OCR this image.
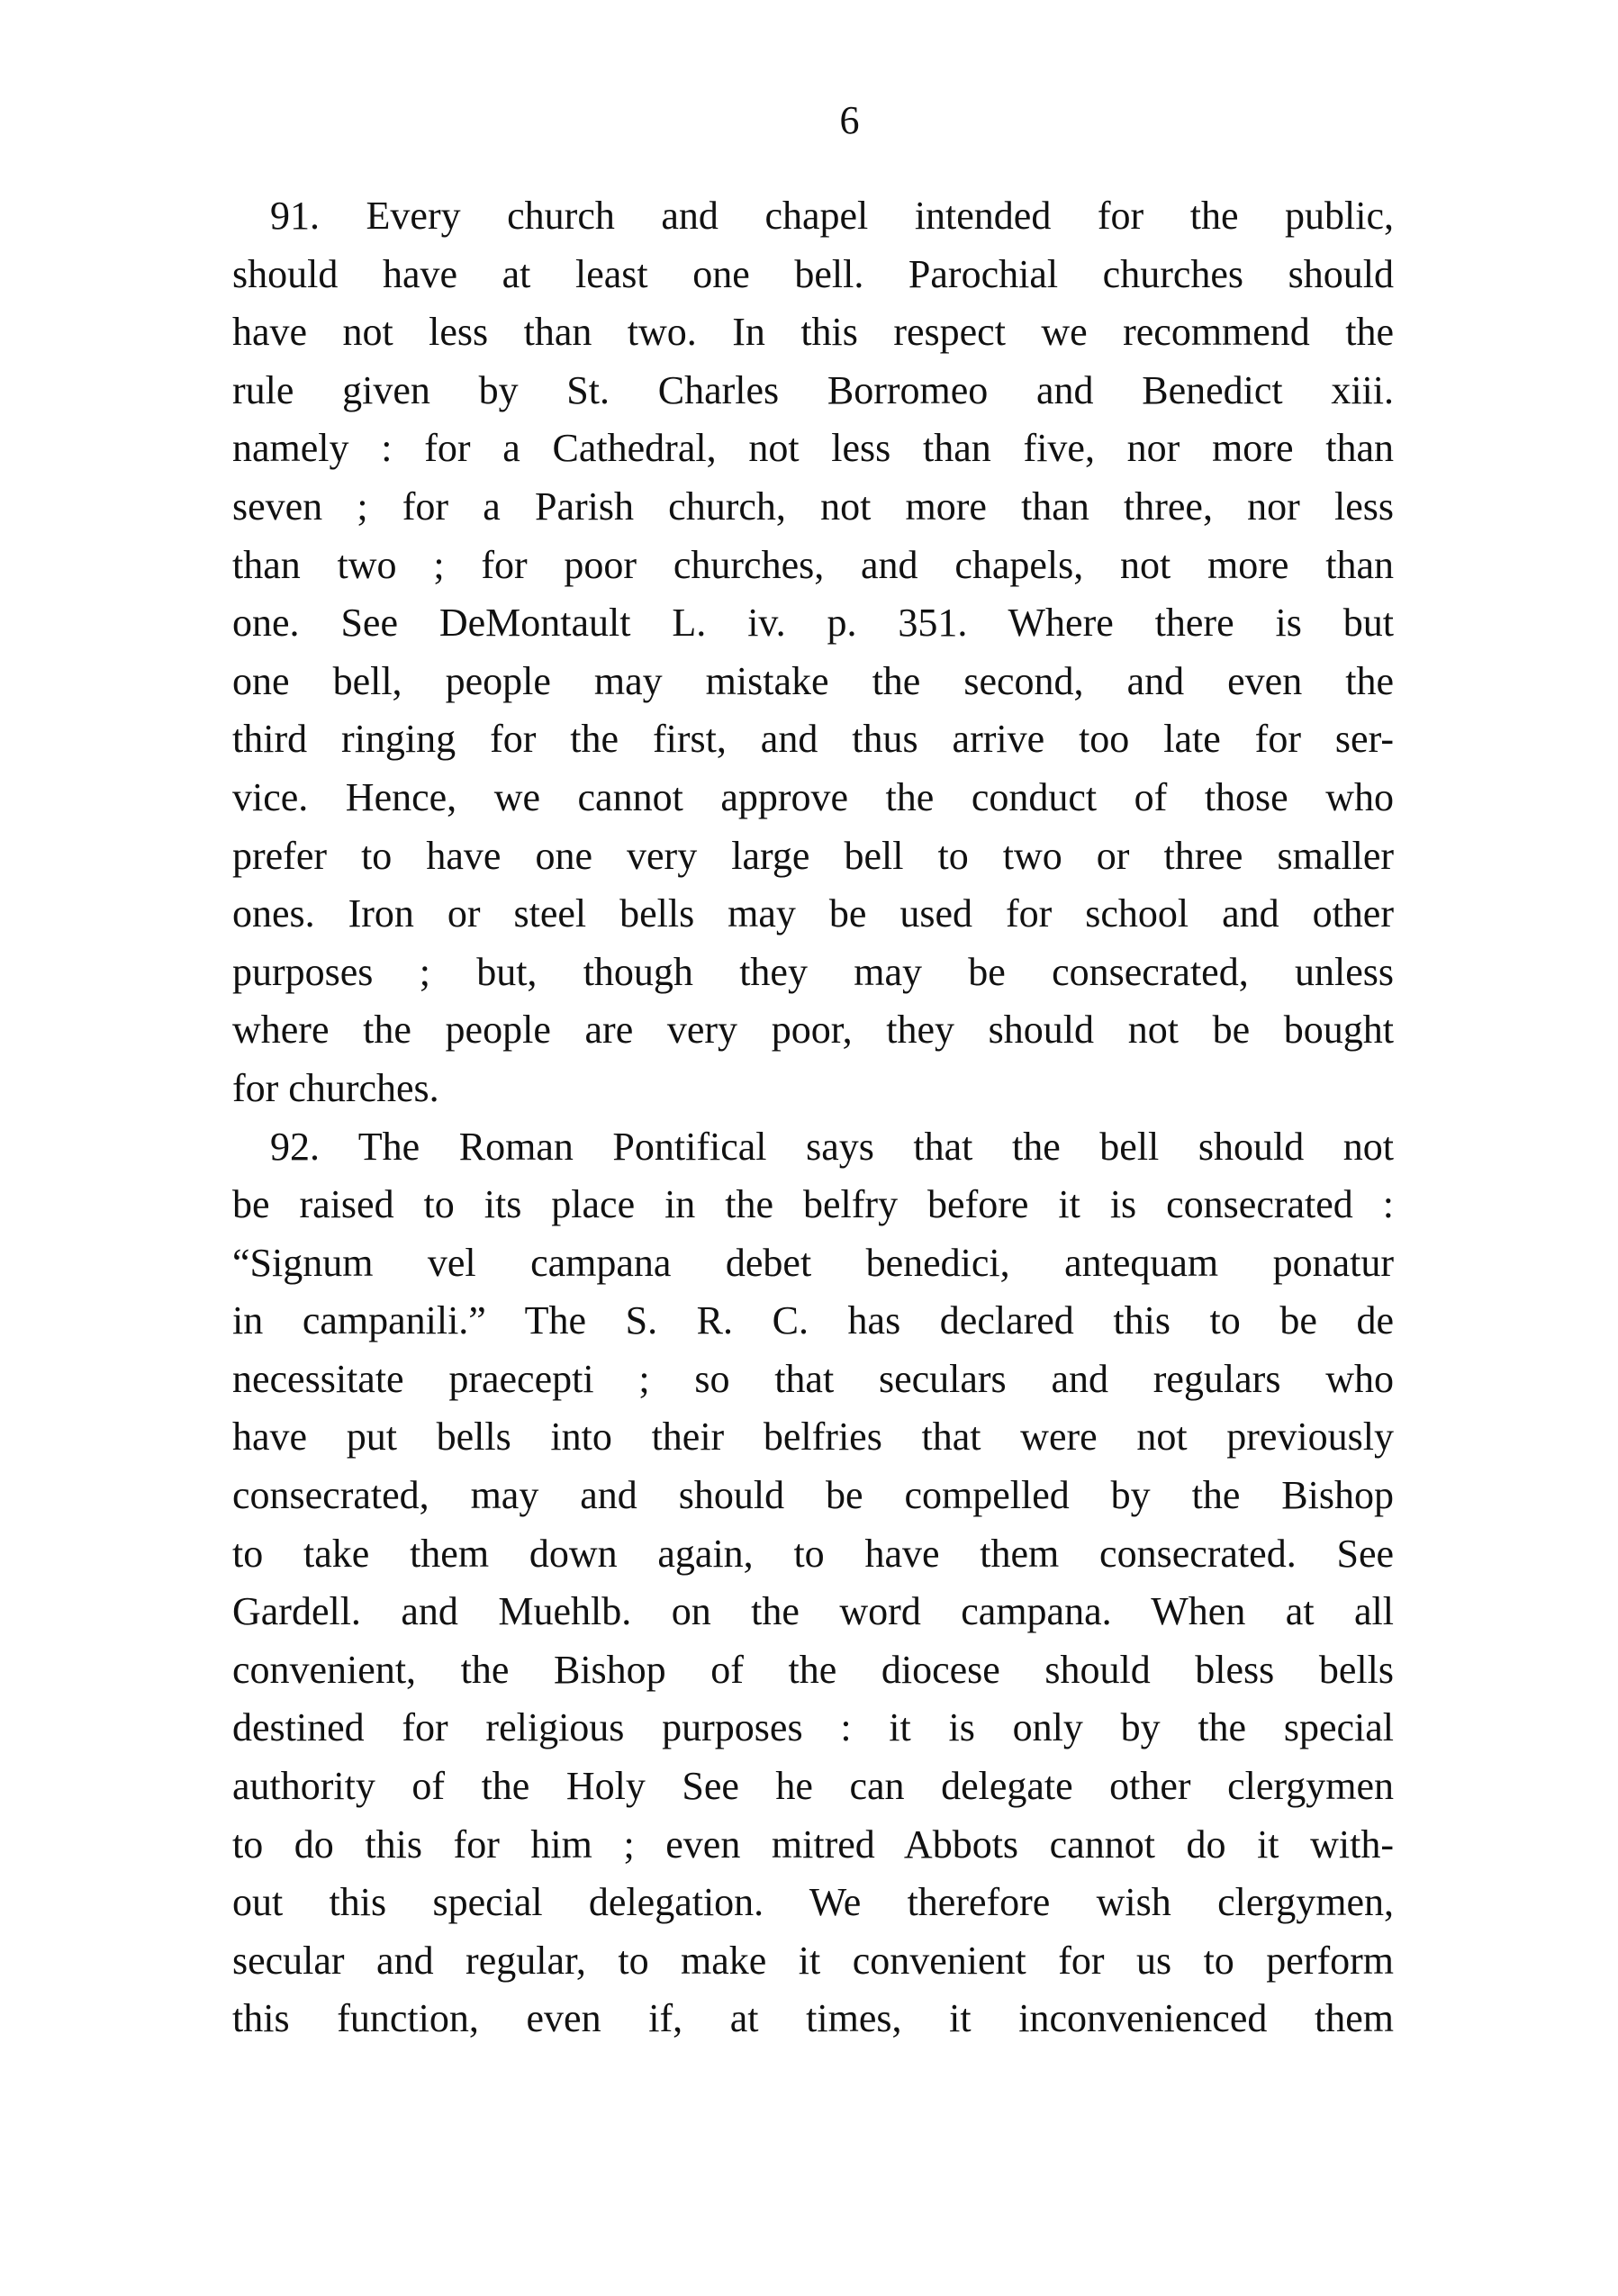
6
91. Every church and chapel intended for the public,
should have at least one bell. Parochial churches should
have not less than two. In this respect we recommend the
rule given by St. Charles Borromeo and Benedict xiii.
namely : for a Cathedral, not less than five, nor more than
seven ; for a Parish church, not more than three, nor less
than two ; for poor churches, and chapels, not more than
one. See DeMontault L. iv. p. 351. Where there is but
one bell, people may mistake the second, and even the
third ringing for the first, and thus arrive too late for ser-
vice. Hence, we cannot approve the conduct of those who
prefer to have one very large bell to two or three smaller
ones. Iron or steel bells may be used for school and other
purposes ; but, though they may be consecrated, unless
where the people are very poor, they should not be bought
for churches.
92. The Roman Pontifical says that the bell should not
be raised to its place in the belfry before it is consecrated :
“Signum vel campana debet benedici, antequam ponatur
in campanili.” The S. R. C. has declared this to be de
necessitate praecepti ; so that seculars and regulars who
have put bells into their belfries that were not previously
consecrated, may and should be compelled by the Bishop
to take them down again, to have them consecrated. See
Gardell. and Muehlb. on the word campana. When at all
convenient, the Bishop of the diocese should bless bells
destined for religious purposes : it is only by the special
authority of the Holy See he can delegate other clergymen
to do this for him ; even mitred Abbots cannot do it with-
out this special delegation. We therefore wish clergymen,
secular and regular, to make it convenient for us to perform
this function, even if, at times, it inconvenienced them
